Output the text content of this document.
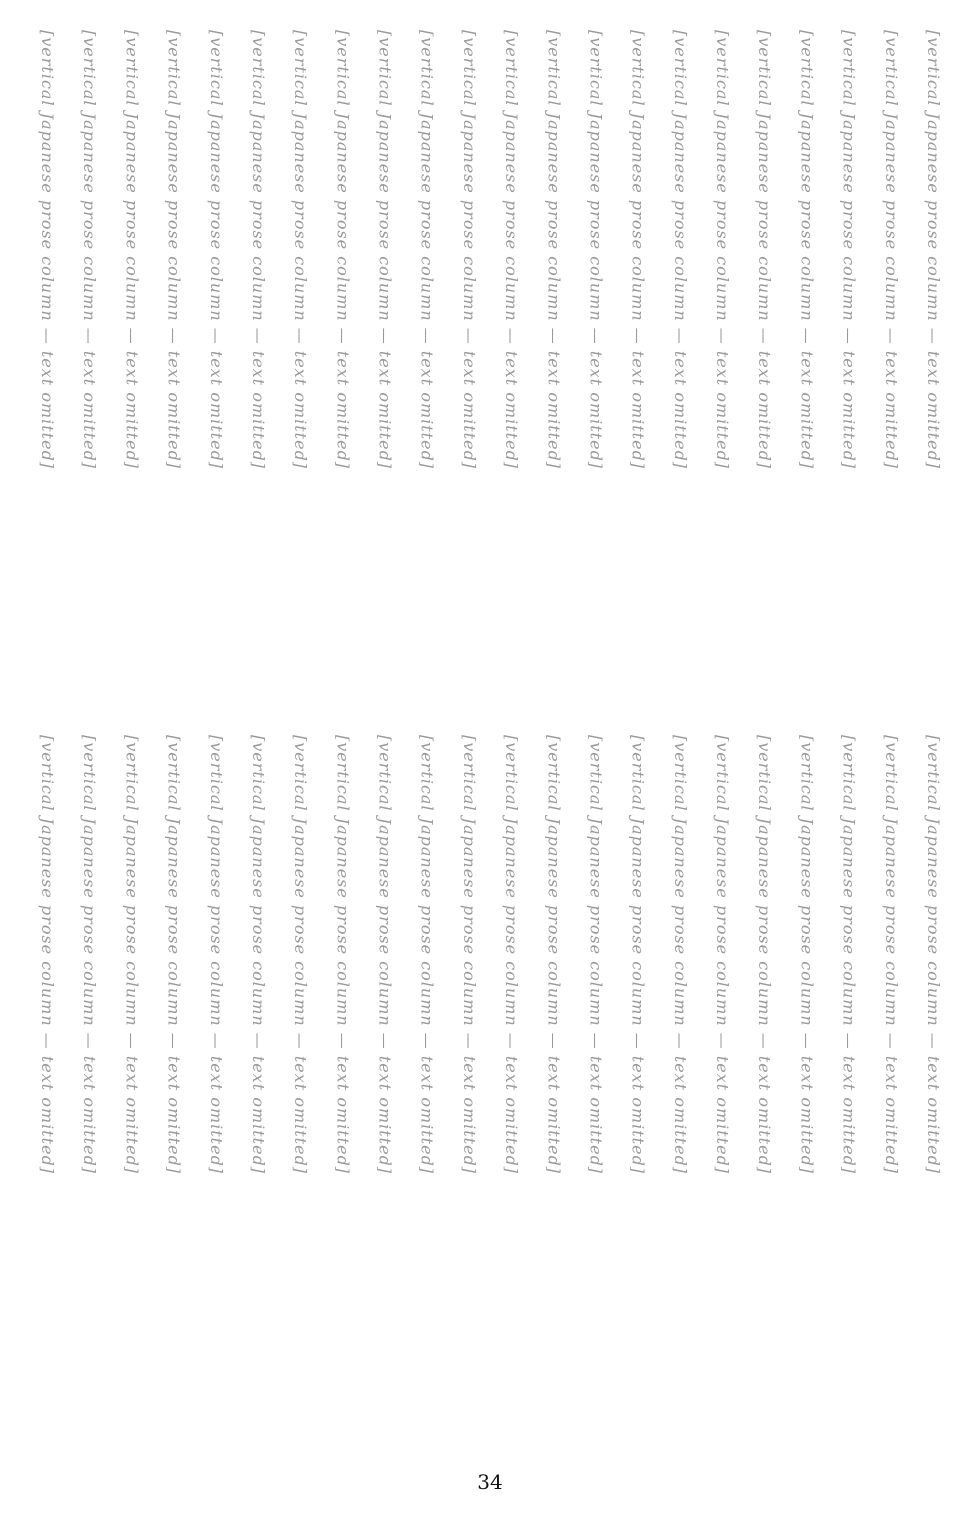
[vertical Japanese prose column — text omitted]
[vertical Japanese prose column — text omitted]
[vertical Japanese prose column — text omitted]
[vertical Japanese prose column — text omitted]
[vertical Japanese prose column — text omitted]
[vertical Japanese prose column — text omitted]
[vertical Japanese prose column — text omitted]
[vertical Japanese prose column — text omitted]
[vertical Japanese prose column — text omitted]
[vertical Japanese prose column — text omitted]
[vertical Japanese prose column — text omitted]
[vertical Japanese prose column — text omitted]
[vertical Japanese prose column — text omitted]
[vertical Japanese prose column — text omitted]
[vertical Japanese prose column — text omitted]
[vertical Japanese prose column — text omitted]
[vertical Japanese prose column — text omitted]
[vertical Japanese prose column — text omitted]
[vertical Japanese prose column — text omitted]
[vertical Japanese prose column — text omitted]
[vertical Japanese prose column — text omitted]
[vertical Japanese prose column — text omitted]
[vertical Japanese prose column — text omitted]
[vertical Japanese prose column — text omitted]
[vertical Japanese prose column — text omitted]
[vertical Japanese prose column — text omitted]
[vertical Japanese prose column — text omitted]
[vertical Japanese prose column — text omitted]
[vertical Japanese prose column — text omitted]
[vertical Japanese prose column — text omitted]
[vertical Japanese prose column — text omitted]
[vertical Japanese prose column — text omitted]
[vertical Japanese prose column — text omitted]
[vertical Japanese prose column — text omitted]
[vertical Japanese prose column — text omitted]
[vertical Japanese prose column — text omitted]
[vertical Japanese prose column — text omitted]
[vertical Japanese prose column — text omitted]
[vertical Japanese prose column — text omitted]
[vertical Japanese prose column — text omitted]
[vertical Japanese prose column — text omitted]
[vertical Japanese prose column — text omitted]
[vertical Japanese prose column — text omitted]
[vertical Japanese prose column — text omitted]
34
